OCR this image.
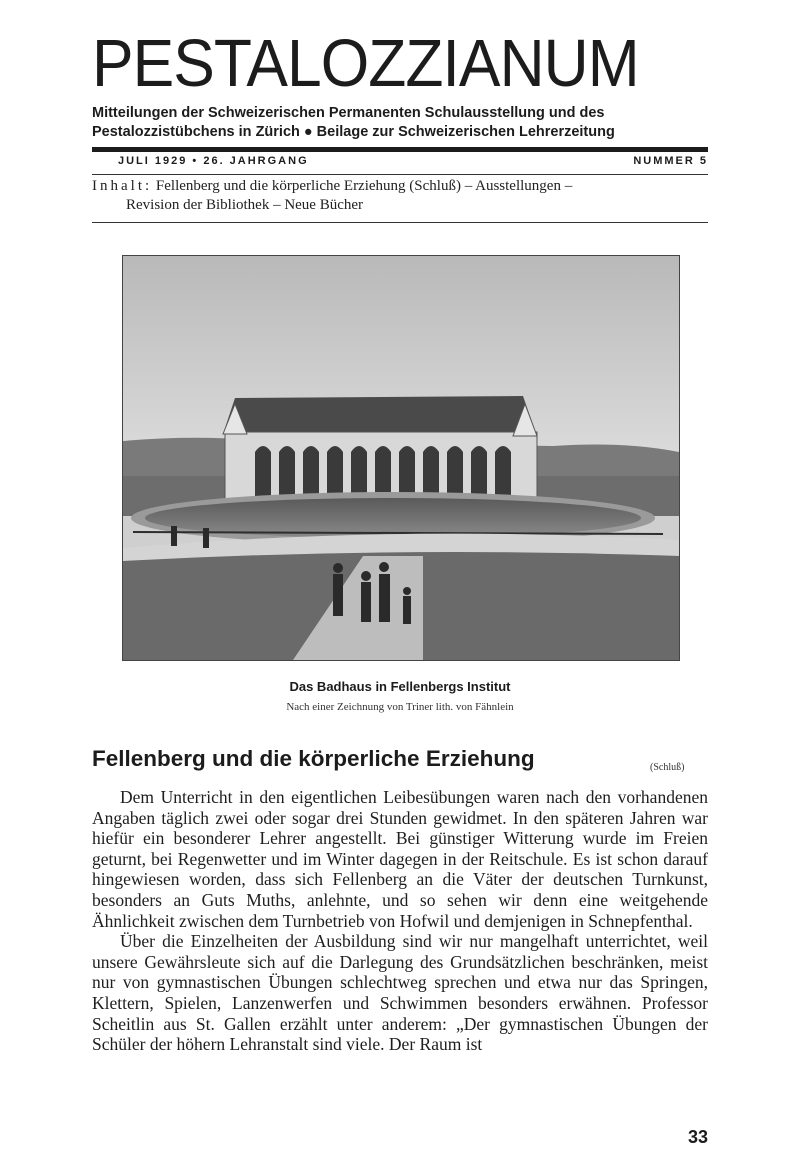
PESTALOZZIANUM
Mitteilungen der Schweizerischen Permanenten Schulausstellung und des
Pestalozzistübchens in Zürich ● Beilage zur Schweizerischen Lehrerzeitung
JULI 1929 • 26. JAHRGANG	NUMMER 5
Inhalt: Fellenberg und die körperliche Erziehung (Schluß) – Ausstellungen –
Revision der Bibliothek – Neue Bücher
Das Badhaus in Fellenbergs Institut
Nach einer Zeichnung von Triner lith. von Fähnlein
Fellenberg und die körperliche Erziehung	(Schluß)

Dem Unterricht in den eigentlichen Leibesübungen waren nach den vorhandenen Angaben täglich zwei oder sogar drei Stunden gewidmet. In den späteren Jahren war hiefür ein besonderer Lehrer angestellt. Bei günstiger Witterung wurde im Freien geturnt, bei Regenwetter und im Winter dagegen in der Reitschule. Es ist schon darauf hingewiesen worden, dass sich Fellenberg an die Väter der deutschen Turnkunst, besonders an Guts Muths, anlehnte, und so sehen wir denn eine weitgehende Ähnlichkeit zwischen dem Turnbetrieb von Hofwil und demjenigen in Schnepfenthal.

Über die Einzelheiten der Ausbildung sind wir nur mangelhaft unterrichtet, weil unsere Gewährsleute sich auf die Darlegung des Grundsätzlichen beschränken, meist nur von gymnastischen Übungen schlechtweg sprechen und etwa nur das Springen, Klettern, Spielen, Lanzenwerfen und Schwimmen besonders erwähnen. Professor Scheitlin aus St. Gallen erzählt unter anderem: „Der gymnastischen Übungen der Schüler der höhern Lehranstalt sind viele. Der Raum ist

33
